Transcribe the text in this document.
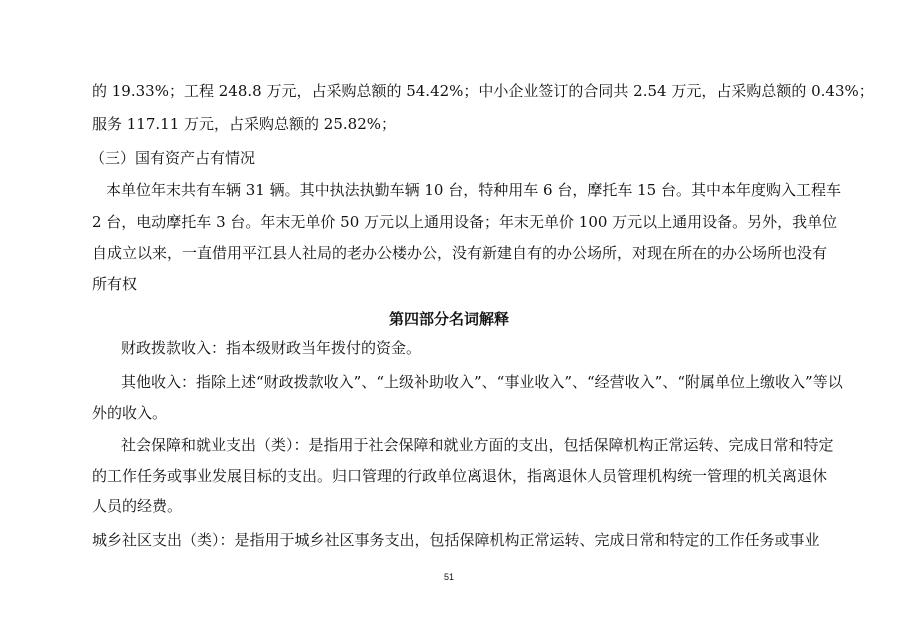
的 19.33%；工程 248.8 万元，占采购总额的 54.42%；中小企业签订的合同共 2.54 万元，占采购总额的 0.43%；
服务 117.11 万元，占采购总额的 25.82%；
（三）国有资产占有情况
本单位年末共有车辆 31 辆。其中执法执勤车辆 10 台，特种用车 6 台，摩托车 15 台。其中本年度购入工程车
2 台，电动摩托车 3 台。年末无单价 50 万元以上通用设备；年末无单价 100 万元以上通用设备。另外，我单位
自成立以来，一直借用平江县人社局的老办公楼办公，没有新建自有的办公场所，对现在所在的办公场所也没有
所有权
第四部分名词解释
财政拨款收入：指本级财政当年拨付的资金。
其他收入：指除上述“财政拨款收入”、“上级补助收入”、“事业收入”、“经营收入”、“附属单位上缴收入”等以
外的收入。
社会保障和就业支出（类）：是指用于社会保障和就业方面的支出，包括保障机构正常运转、完成日常和特定
的工作任务或事业发展目标的支出。归口管理的行政单位离退休，指离退休人员管理机构统一管理的机关离退休
人员的经费。
城乡社区支出（类）：是指用于城乡社区事务支出，包括保障机构正常运转、完成日常和特定的工作任务或事业
51
